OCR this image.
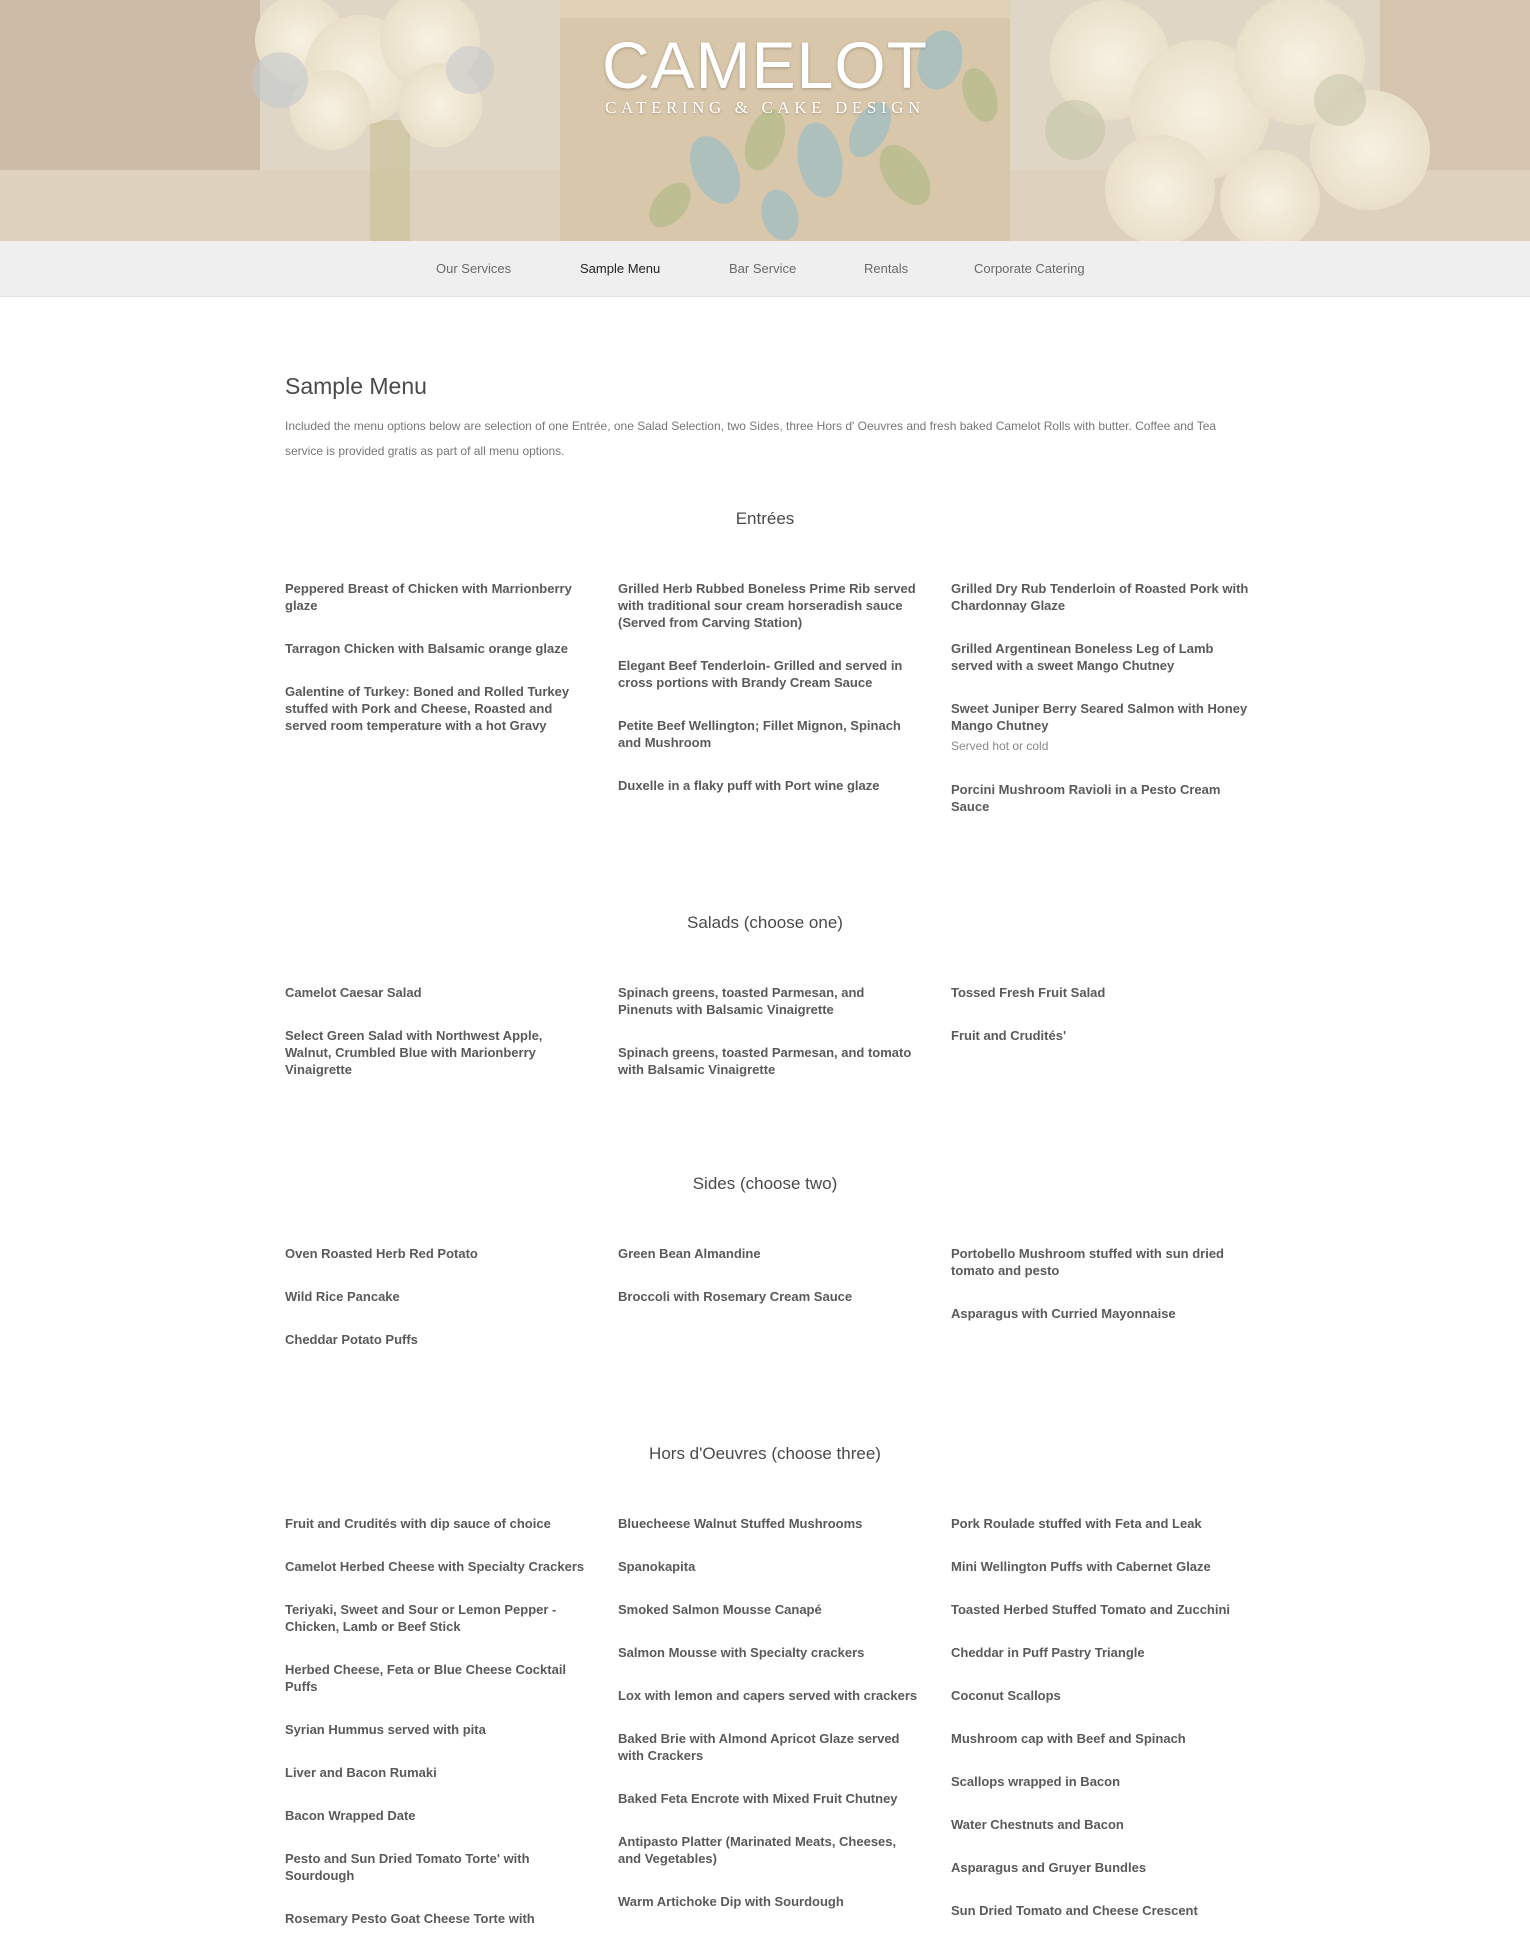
CAMELOT
CATERING & CAKE DESIGN
Our Services	Sample Menu	Bar Service	Rentals	Corporate Catering
Sample Menu

Included the menu options below are selection of one Entrée, one Salad Selection, two Sides, three Hors d' Oeuvres and fresh baked Camelot Rolls with butter. Coffee and Tea service is provided gratis as part of all menu options.

Entrées
Peppered Breast of Chicken with Marrionberry glaze
Tarragon Chicken with Balsamic orange glaze
Galentine of Turkey: Boned and Rolled Turkey stuffed with Pork and Cheese, Roasted and served room temperature with a hot Gravy
Grilled Herb Rubbed Boneless Prime Rib served with traditional sour cream horseradish sauce (Served from Carving Station)
Elegant Beef Tenderloin- Grilled and served in cross portions with Brandy Cream Sauce
Petite Beef Wellington; Fillet Mignon, Spinach and Mushroom
Duxelle in a flaky puff with Port wine glaze
Grilled Dry Rub Tenderloin of Roasted Pork with Chardonnay Glaze
Grilled Argentinean Boneless Leg of Lamb served with a sweet Mango Chutney
Sweet Juniper Berry Seared Salmon with Honey Mango Chutney
Served hot or cold
Porcini Mushroom Ravioli in a Pesto Cream Sauce
Salads (choose one)
Camelot Caesar Salad
Select Green Salad with Northwest Apple, Walnut, Crumbled Blue with Marionberry Vinaigrette
Spinach greens, toasted Parmesan, and Pinenuts with Balsamic Vinaigrette
Spinach greens, toasted Parmesan, and tomato with Balsamic Vinaigrette
Tossed Fresh Fruit Salad
Fruit and Crudités'
Sides (choose two)
Oven Roasted Herb Red Potato
Wild Rice Pancake
Cheddar Potato Puffs
Green Bean Almandine
Broccoli with Rosemary Cream Sauce
Portobello Mushroom stuffed with sun dried tomato and pesto
Asparagus with Curried Mayonnaise
Hors d'Oeuvres (choose three)
Fruit and Crudités with dip sauce of choice
Camelot Herbed Cheese with Specialty Crackers
Teriyaki, Sweet and Sour or Lemon Pepper - Chicken, Lamb or Beef Stick
Herbed Cheese, Feta or Blue Cheese Cocktail Puffs
Syrian Hummus served with pita
Liver and Bacon Rumaki
Bacon Wrapped Date
Pesto and Sun Dried Tomato Torte' with Sourdough
Rosemary Pesto Goat Cheese Torte with
Bluecheese Walnut Stuffed Mushrooms
Spanokapita
Smoked Salmon Mousse Canapé
Salmon Mousse with Specialty crackers
Lox with lemon and capers served with crackers
Baked Brie with Almond Apricot Glaze served with Crackers
Baked Feta Encrote with Mixed Fruit Chutney
Antipasto Platter (Marinated Meats, Cheeses, and Vegetables)
Warm Artichoke Dip with Sourdough
Pork Roulade stuffed with Feta and Leak
Mini Wellington Puffs with Cabernet Glaze
Toasted Herbed Stuffed Tomato and Zucchini
Cheddar in Puff Pastry Triangle
Coconut Scallops
Mushroom cap with Beef and Spinach
Scallops wrapped in Bacon
Water Chestnuts and Bacon
Asparagus and Gruyer Bundles
Sun Dried Tomato and Cheese Crescent
